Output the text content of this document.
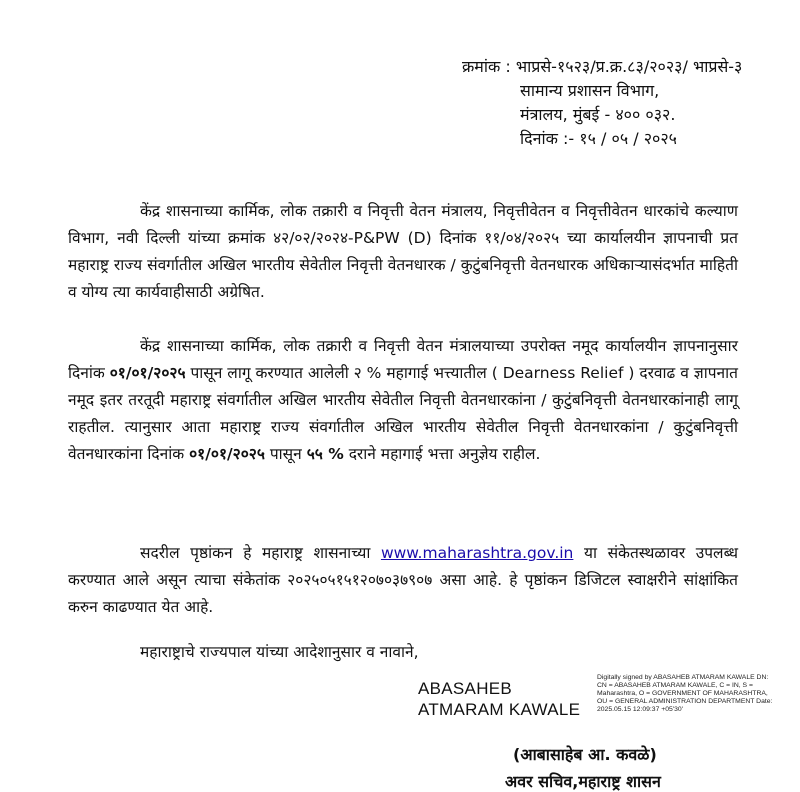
क्रमांक : भाप्रसे-१५२३/प्र.क्र.८३/२०२३/ भाप्रसे-३
सामान्य प्रशासन विभाग,
मंत्रालय, मुंबई - ४०० ०३२.
दिनांक :- १५ / ०५ / २०२५
केंद्र शासनाच्या कार्मिक, लोक तक्रारी व निवृत्ती वेतन मंत्रालय, निवृत्तीवेतन व निवृत्तीवेतन धारकांचे कल्याण विभाग, नवी दिल्ली यांच्या क्रमांक ४२/०२/२०२४-P&PW (D) दिनांक ११/०४/२०२५ च्या कार्यालयीन ज्ञापनाची प्रत महाराष्ट्र राज्य संवर्गातील अखिल भारतीय सेवेतील निवृत्ती वेतनधारक / कुटुंबनिवृत्ती वेतनधारक अधिकाऱ्यासंदर्भात माहिती व योग्य त्या कार्यवाहीसाठी अग्रेषित.
केंद्र शासनाच्या कार्मिक, लोक तक्रारी व निवृत्ती वेतन मंत्रालयाच्या उपरोक्त नमूद कार्यालयीन ज्ञापनानुसार दिनांक ०१/०१/२०२५ पासून लागू करण्यात आलेली २ % महागाई भत्त्यातील ( Dearness Relief ) दरवाढ व ज्ञापनात नमूद इतर तरतूदी महाराष्ट्र संवर्गातील अखिल भारतीय सेवेतील निवृत्ती वेतनधारकांना / कुटुंबनिवृत्ती वेतनधारकांनाही लागू राहतील. त्यानुसार आता महाराष्ट्र राज्य संवर्गातील अखिल भारतीय सेवेतील निवृत्ती वेतनधारकांना / कुटुंबनिवृत्ती वेतनधारकांना दिनांक ०१/०१/२०२५ पासून ५५ % दराने महागाई भत्ता अनुज्ञेय राहील.
सदरील पृष्ठांकन हे महाराष्ट्र शासनाच्या www.maharashtra.gov.in या संकेतस्थळावर उपलब्ध करण्यात आले असून त्याचा संकेतांक २०२५०५१५१२०७०३७९०७ असा आहे. हे पृष्ठांकन डिजिटल स्वाक्षरीने सांक्षांकित करुन काढण्यात येत आहे.
महाराष्ट्राचे राज्यपाल यांच्या आदेशानुसार व नावाने,
ABASAHEB
ATMARAM KAWALE
Digitally signed by ABASAHEB ATMARAM KAWALE DN: CN = ABASAHEB ATMARAM KAWALE, C = IN, S = Maharashtra, O = GOVERNMENT OF MAHARASHTRA, OU = GENERAL ADMINISTRATION DEPARTMENT Date: 2025.05.15 12:09:37 +05'30'
(आबासाहेब आ. कवळे)
अवर सचिव,महाराष्ट्र शासन
